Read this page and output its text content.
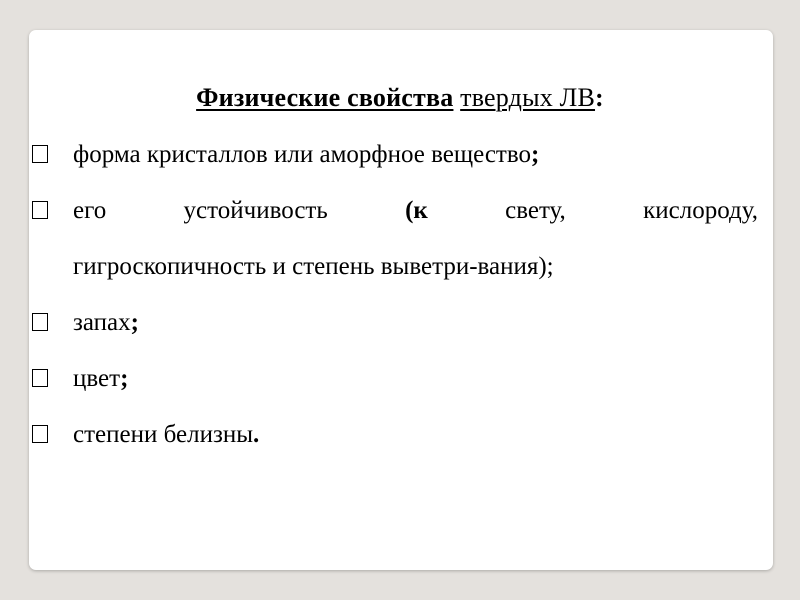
Физические свойства твердых ЛВ:
форма кристаллов или аморфное вещество;
его	устойчивость	(к	свету,	кислороду,
гигроскопичность и степень выветри-вания);
запах;
цвет;
степени белизны.
